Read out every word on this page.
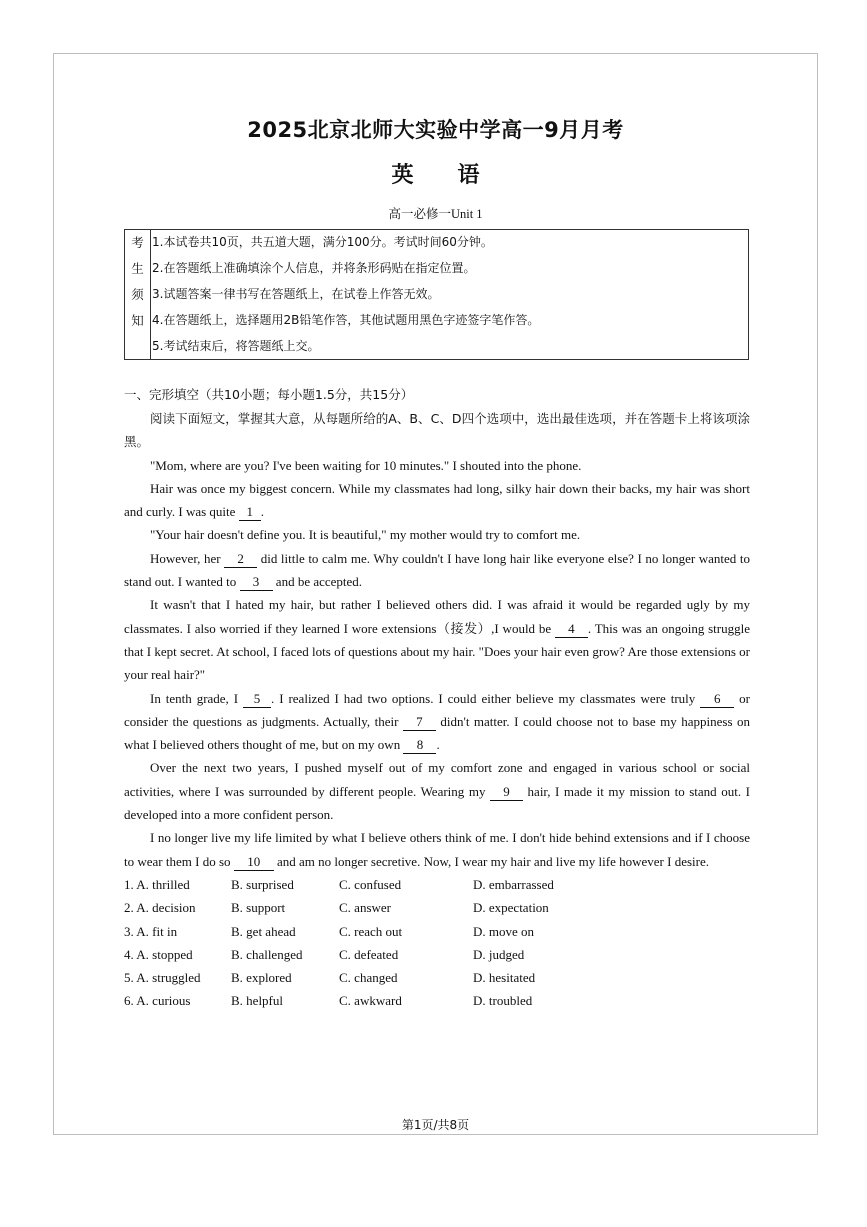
2025北京北师大实验中学高一9月月考
英 语
高一必修一Unit 1
考
生
须
知
1.本试卷共10页，共五道大题，满分100分。考试时间60分钟。
2.在答题纸上准确填涂个人信息，并将条形码贴在指定位置。
3.试题答案一律书写在答题纸上，在试卷上作答无效。
4.在答题纸上，选择题用2B铅笔作答，其他试题用黑色字迹签字笔作答。
5.考试结束后，将答题纸上交。
一、完形填空（共10小题；每小题1.5分，共15分）

阅读下面短文，掌握其大意，从每题所给的A、B、C、D四个选项中，选出最佳选项，并在答题卡上将该项涂黑。

"Mom, where are you? I've been waiting for 10 minutes." I shouted into the phone.

Hair was once my biggest concern. While my classmates had long, silky hair down their backs, my hair was short and curly. I was quite 1 .

"Your hair doesn't define you. It is beautiful," my mother would try to comfort me.

However, her 2 did little to calm me. Why couldn't I have long hair like everyone else? I no longer wanted to stand out. I wanted to 3 and be accepted.

It wasn't that I hated my hair, but rather I believed others did. I was afraid it would be regarded ugly by my classmates. I also worried if they learned I wore extensions（接发）,I would be 4 . This was an ongoing struggle that I kept secret. At school, I faced lots of questions about my hair. "Does your hair even grow? Are those extensions or your real hair?"

In tenth grade, I 5 . I realized I had two options. I could either believe my classmates were truly 6 or consider the questions as judgments. Actually, their 7 didn't matter. I could choose not to base my happiness on what I believed others thought of me, but on my own 8 .

Over the next two years, I pushed myself out of my comfort zone and engaged in various school or social activities, where I was surrounded by different people. Wearing my 9 hair, I made it my mission to stand out. I developed into a more confident person.

I no longer live my life limited by what I believe others think of me. I don't hide behind extensions and if I choose to wear them I do so 10 and am no longer secretive. Now, I wear my hair and live my life however I desire.

1. A. thrilled	B. surprised	C. confused	D. embarrassed
2. A. decision	B. support	C. answer	D. expectation
3. A. fit in	B. get ahead	C. reach out	D. move on
4. A. stopped	B. challenged	C. defeated	D. judged
5. A. struggled	B. explored	C. changed	D. hesitated
6. A. curious	B. helpful	C. awkward	D. troubled
第1页/共8页
